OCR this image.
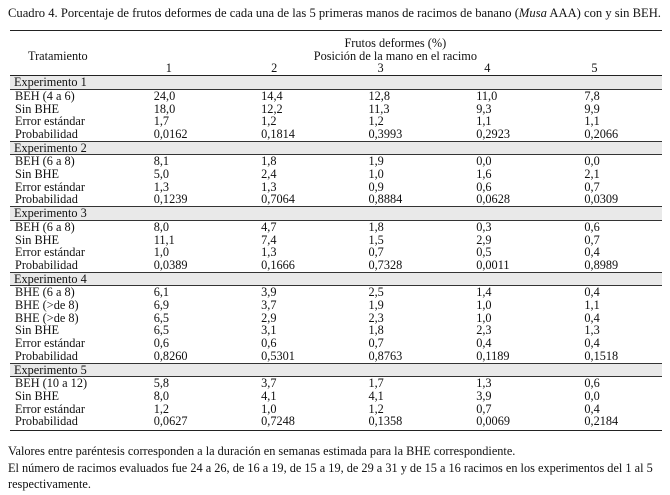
Cuadro 4. Porcentaje de frutos deformes de cada una de las 5 primeras manos de racimos de banano (Musa AAA) con y sin BEH.

	Frutos deformes (%)				
Tratamiento	Posición de la mano en el racimo				
	1	2	3	4	5
Experimento 1					
BEH (4 a 6)	24,0	14,4	12,8	11,0	7,8
Sin BHE	18,0	12,2	11,3	9,3	9,9
Error estándar	1,7	1,2	1,2	1,1	1,1
Probabilidad	0,0162	0,1814	0,3993	0,2923	0,2066
Experimento 2					
BEH (6 a 8)	8,1	1,8	1,9	0,0	0,0
Sin BHE	5,0	2,4	1,0	1,6	2,1
Error estándar	1,3	1,3	0,9	0,6	0,7
Probabilidad	0,1239	0,7064	0,8884	0,0628	0,0309
Experimento 3					
BEH (6 a 8)	8,0	4,7	1,8	0,3	0,6
Sin BHE	11,1	7,4	1,5	2,9	0,7
Error estándar	1,0	1,3	0,7	0,5	0,4
Probabilidad	0,0389	0,1666	0,7328	0,0011	0,8989
Experimento 4					
BHE (6 a 8)	6,1	3,9	2,5	1,4	0,4
BHE (>de 8)	6,9	3,7	1,9	1,0	1,1
BHE (>de 8)	6,5	2,9	2,3	1,0	0,4
Sin BHE	6,5	3,1	1,8	2,3	1,3
Error estándar	0,6	0,6	0,7	0,4	0,4
Probabilidad	0,8260	0,5301	0,8763	0,1189	0,1518
Experimento 5					
BEH (10 a 12)	5,8	3,7	1,7	1,3	0,6
Sin BHE	8,0	4,1	4,1	3,9	0,0
Error estándar	1,2	1,0	1,2	0,7	0,4
Probabilidad	0,0627	0,7248	0,1358	0,0069	0,2184

Valores entre paréntesis corresponden a la duración en semanas estimada para la BHE correspondiente.
El número de racimos evaluados fue 24 a 26, de 16 a 19, de 15 a 19, de 29 a 31 y de 15 a 16 racimos en los experimentos del 1 al 5 respectivamente.
